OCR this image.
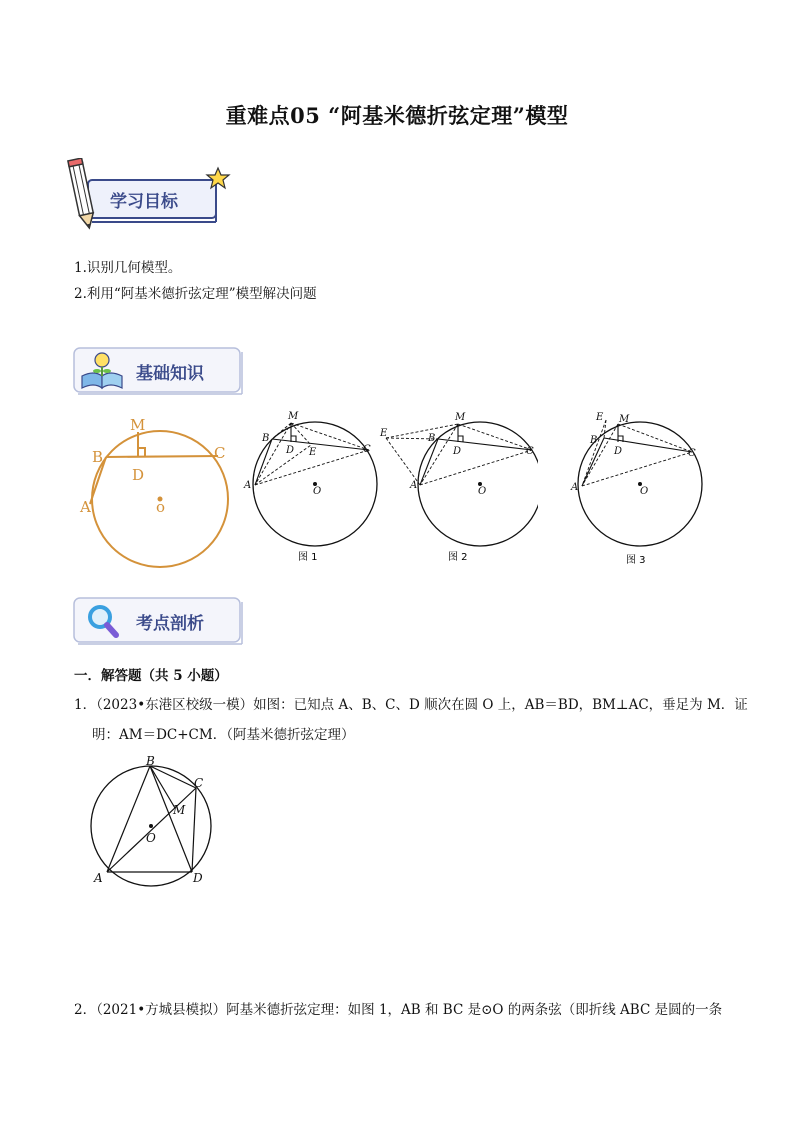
重难点05 “阿基米德折弦定理”模型
学习目标
1.识别几何模型。
2.利用“阿基米德折弦定理”模型解决问题
基础知识
M
B	C
D
A	o
M
B
D E	C
A
O
图 1
E
M
B
D	C
A
O
图 2
E M
B
D	C
A	O
图 3
考点剖析
一．解答题（共 5 小题）
1．（2023•东港区校级一模）如图：已知点 A、B、C、D 顺次在圆 O 上，AB＝BD，BM⊥AC，垂足为 M．证
明：AM＝DC+CM．（阿基米德折弦定理）
B
C
M
O
A	D
2．（2021•方城县模拟）阿基米德折弦定理：如图 1，AB 和 BC 是⊙O 的两条弦（即折线 ABC 是圆的一条
